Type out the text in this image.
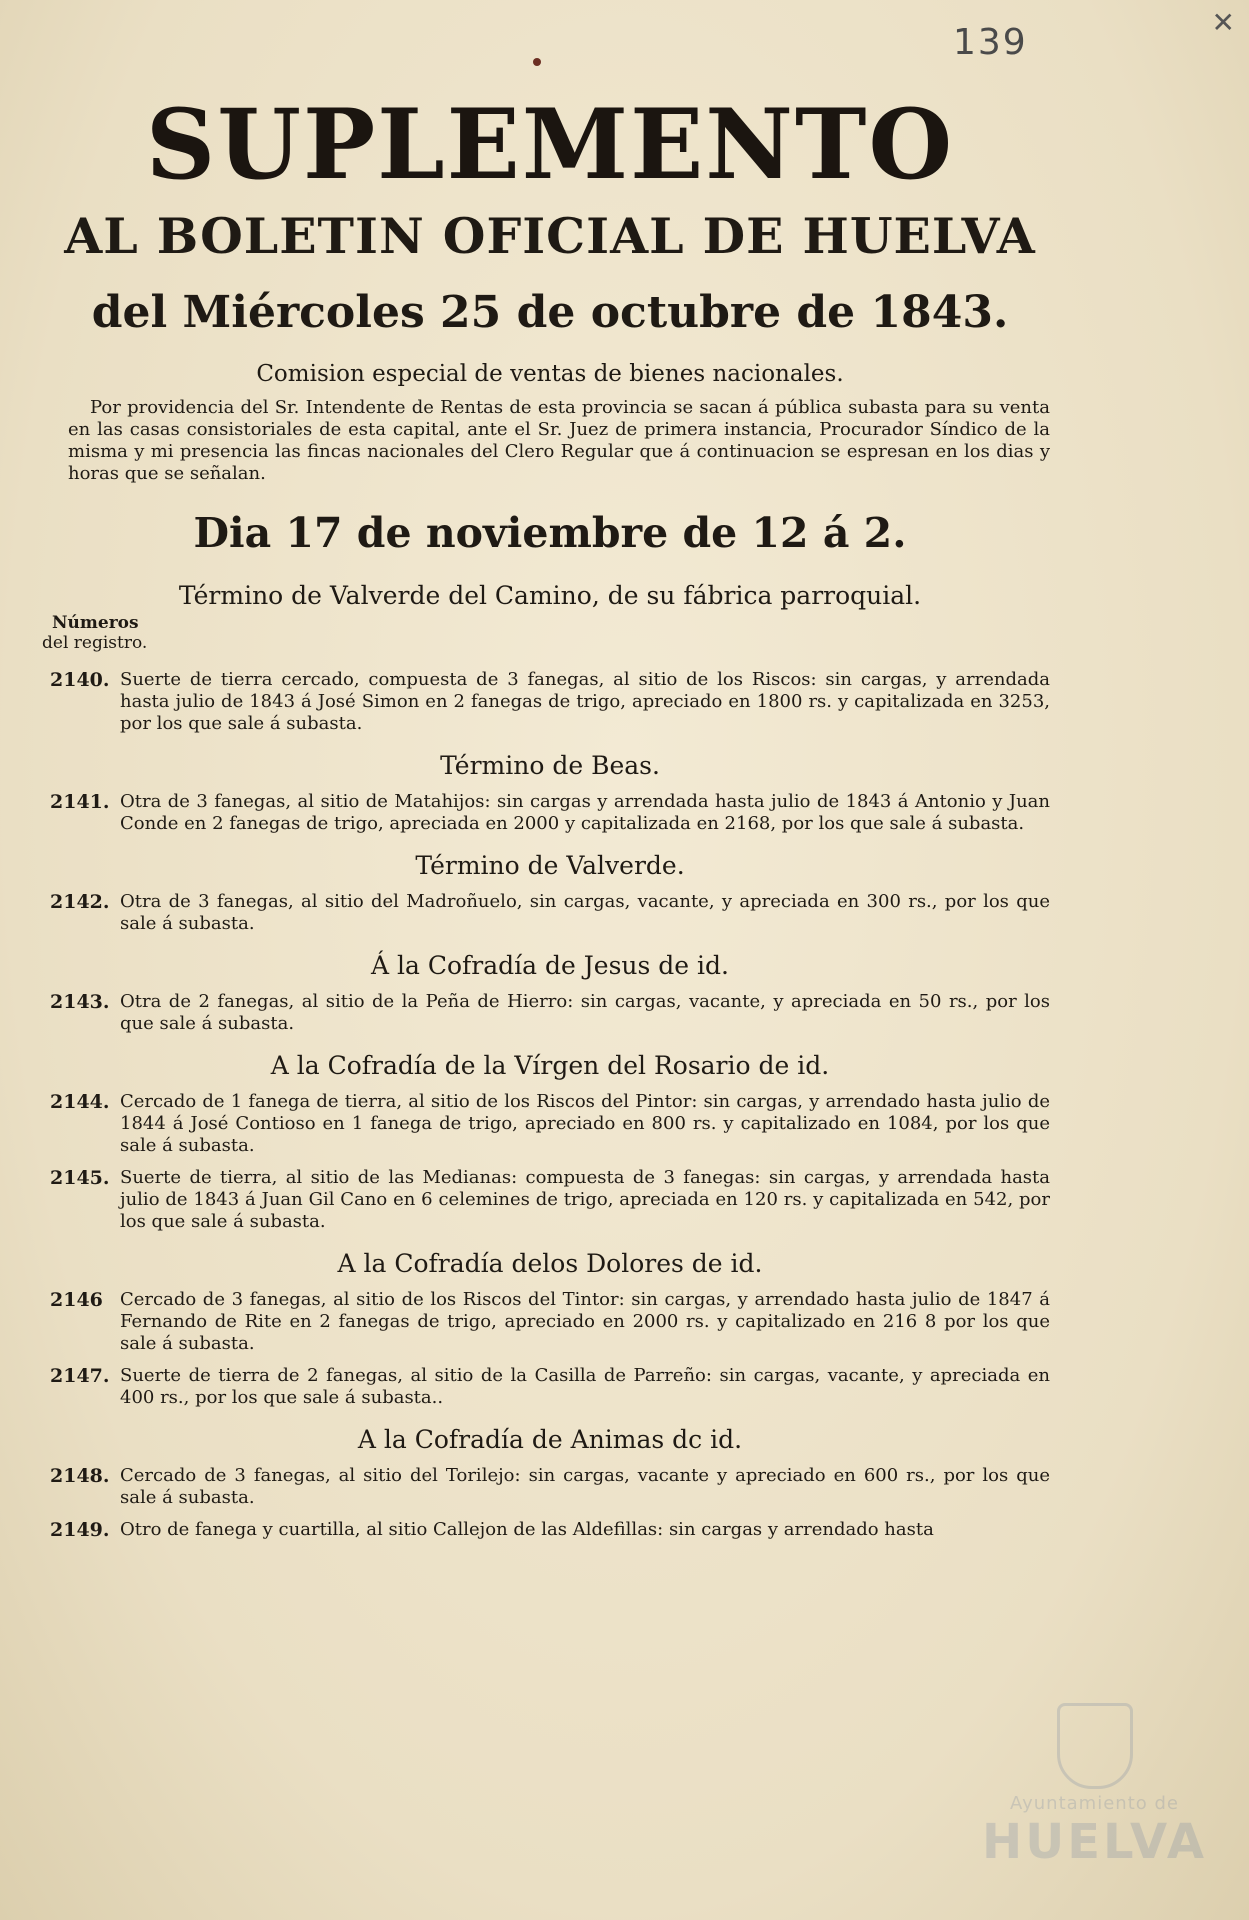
139	✕
SUPLEMENTO
AL BOLETIN OFICIAL DE HUELVA
del Miércoles 25 de octubre de 1843.
Comision especial de ventas de bienes nacionales.

Por providencia del Sr. Intendente de Rentas de esta provincia se sacan á pública subasta para su venta en las casas consistoriales de esta capital, ante el Sr. Juez de primera instancia, Procurador Síndico de la misma y mi presencia las fincas nacionales del Clero Regular que á continuacion se espresan en los dias y horas que se señalan.

Dia 17 de noviembre de 12 á 2.
Término de Valverde del Camino, de su fábrica parroquial.
Números
del registro.
2140. Suerte de tierra cercado, compuesta de 3 fanegas, al sitio de los Riscos: sin cargas, y arrendada hasta julio de 1843 á José Simon en 2 fanegas de trigo, apreciado en 1800 rs. y capitalizada en 3253, por los que sale á subasta.
Término de Beas.
2141. Otra de 3 fanegas, al sitio de Matahijos: sin cargas y arrendada hasta julio de 1843 á Antonio y Juan Conde en 2 fanegas de trigo, apreciada en 2000 y capitalizada en 2168, por los que sale á subasta.
Término de Valverde.
2142. Otra de 3 fanegas, al sitio del Madroñuelo, sin cargas, vacante, y apreciada en 300 rs., por los que sale á subasta.
Á la Cofradía de Jesus de id.
2143. Otra de 2 fanegas, al sitio de la Peña de Hierro: sin cargas, vacante, y apreciada en 50 rs., por los que sale á subasta.
A la Cofradía de la Vírgen del Rosario de id.
2144. Cercado de 1 fanega de tierra, al sitio de los Riscos del Pintor: sin cargas, y arrendado hasta julio de 1844 á José Contioso en 1 fanega de trigo, apreciado en 800 rs. y capitalizado en 1084, por los que sale á subasta.
2145. Suerte de tierra, al sitio de las Medianas: compuesta de 3 fanegas: sin cargas, y arrendada hasta julio de 1843 á Juan Gil Cano en 6 celemines de trigo, apreciada en 120 rs. y capitalizada en 542, por los que sale á subasta.
A la Cofradía delos Dolores de id.
2146 Cercado de 3 fanegas, al sitio de los Riscos del Tintor: sin cargas, y arrendado hasta julio de 1847 á Fernando de Rite en 2 fanegas de trigo, apreciado en 2000 rs. y capitalizado en 216 8 por los que sale á subasta.
2147. Suerte de tierra de 2 fanegas, al sitio de la Casilla de Parreño: sin cargas, vacante, y apreciada en 400 rs., por los que sale á subasta..
A la Cofradía de Animas dc id.
2148. Cercado de 3 fanegas, al sitio del Torilejo: sin cargas, vacante y apreciado en 600 rs., por los que sale á subasta.
2149. Otro de fanega y cuartilla, al sitio Callejon de las Aldefillas: sin cargas y arrendado hasta
Ayuntamiento de
HUELVA
